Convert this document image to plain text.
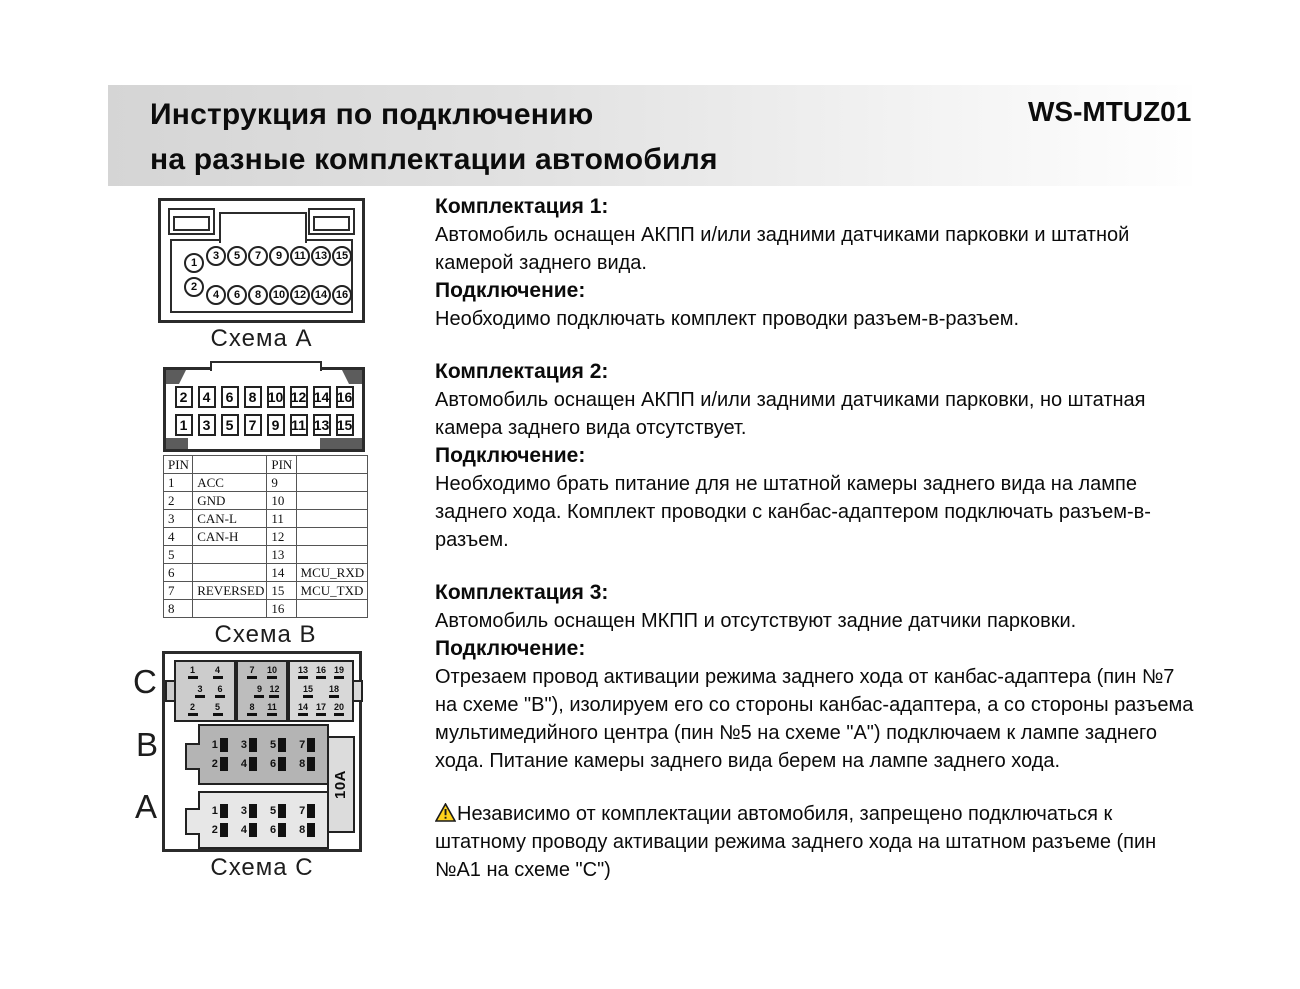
Инструкция по подключению
на разные комплектации автомобиля
WS-MTUZ01
1
2
3	5	7	9	11 13 15
4	6	8	10 12 14 16
Схема A
2	4	6	8 10 12 14 16
1	3	5	7	9 11 13 15
PIN		PIN	
1	ACC	9	
2	GND	10	
3	CAN-L	11	
4	CAN-H	12	
5		13	
6		14	MCU_RXD
7	REVERSED	15	MCU_TXD
8		16	
Схема B
C
B
A
1 4
3 6
2 5
7 10
9 12
8 11
13 16 19
15 18
14 17 20
1	3	5	7
2	4	6	8
1	3	5	7
2	4	6	8
10A
Схема C
Комплектация 1:
Автомобиль оснащен АКПП и/или задними датчиками парковки и штатной камерой заднего вида.
Подключение:
Необходимо подключать комплект проводки разъем-в-разъем.
Комплектация 2:
Автомобиль оснащен АКПП и/или задними датчиками парковки, но штатная камера заднего вида отсутствует.
Подключение:
Необходимо брать питание для не штатной камеры заднего вида на лампе заднего хода. Комплект проводки с канбас-адаптером подключать разъем-в-разъем.
Комплектация 3:
Автомобиль оснащен МКПП и отсутствуют задние датчики парковки.
Подключение:
Отрезаем провод активации режима заднего хода от канбас-адаптера (пин №7 на схеме "B"), изолируем его со стороны канбас-адаптера, а со стороны разъема мультимедийного центра (пин №5 на схеме "A") подключаем к лампе заднего хода. Питание камеры заднего вида берем на лампе заднего хода.
Независимо от комплектации автомобиля, запрещено подключаться к штатному проводу активации режима заднего хода на штатном разъеме (пин №А1 на схеме "С")
